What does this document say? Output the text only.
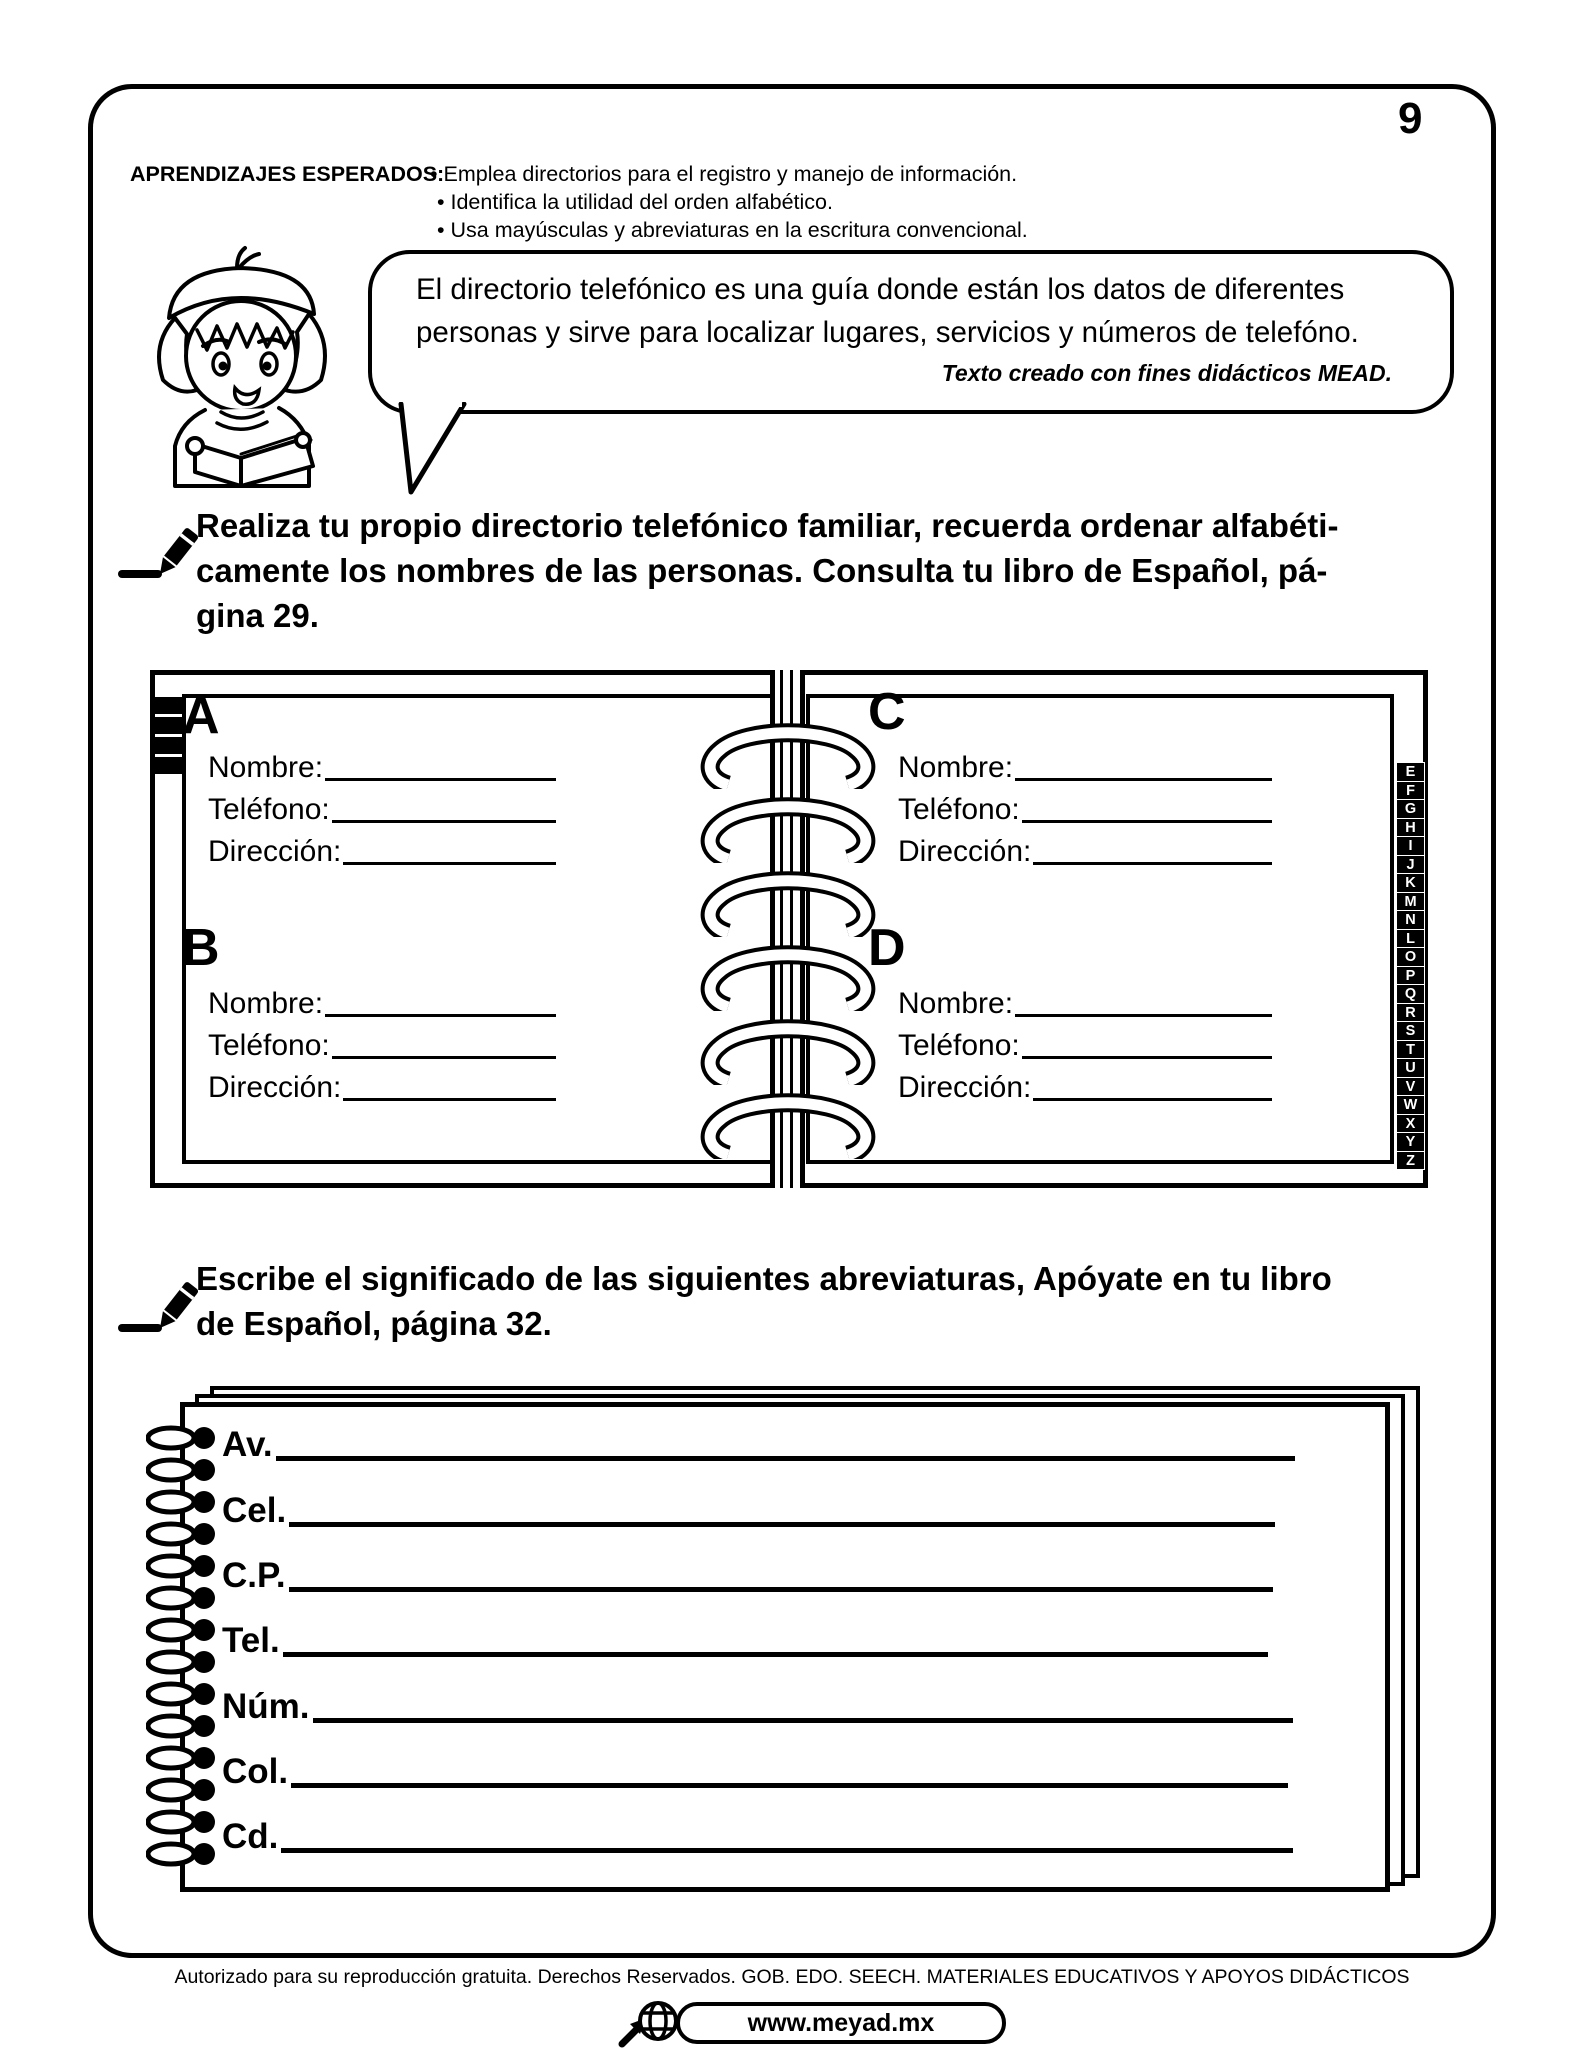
9
APRENDIZAJES ESPERADOS:
• Emplea directorios para el registro y manejo de información.
• Identifica la utilidad del orden alfabético.
• Usa mayúsculas y abreviaturas en la escritura convencional.
El directorio telefónico es una guía donde están los datos de diferentes
personas y sirve para localizar lugares, servicios y números de telefóno.
Texto creado con fines didácticos MEAD.
Realiza tu propio directorio telefónico familiar, recuerda ordenar alfabéti-
camente los nombres de las personas. Consulta tu libro de Español, pá-
gina 29.
A
Nombre:
Teléfono:
Dirección:
B
Nombre:
Teléfono:
Dirección:
C
Nombre:
Teléfono:
Dirección:
D
Nombre:
Teléfono:
Dirección:
E
F
G
H
I
J
K
M
N
L
O
P
Q
R
S
T
U
V
W
X
Y
Z
Escribe el significado de las siguientes abreviaturas, Apóyate en tu libro
de Español, página 32.
Av.
Cel.
C.P.
Tel.
Núm.
Col.
Cd.
Autorizado para su reproducción gratuita. Derechos Reservados. GOB. EDO. SEECH. MATERIALES EDUCATIVOS Y APOYOS DIDÁCTICOS
www.meyad.mx
